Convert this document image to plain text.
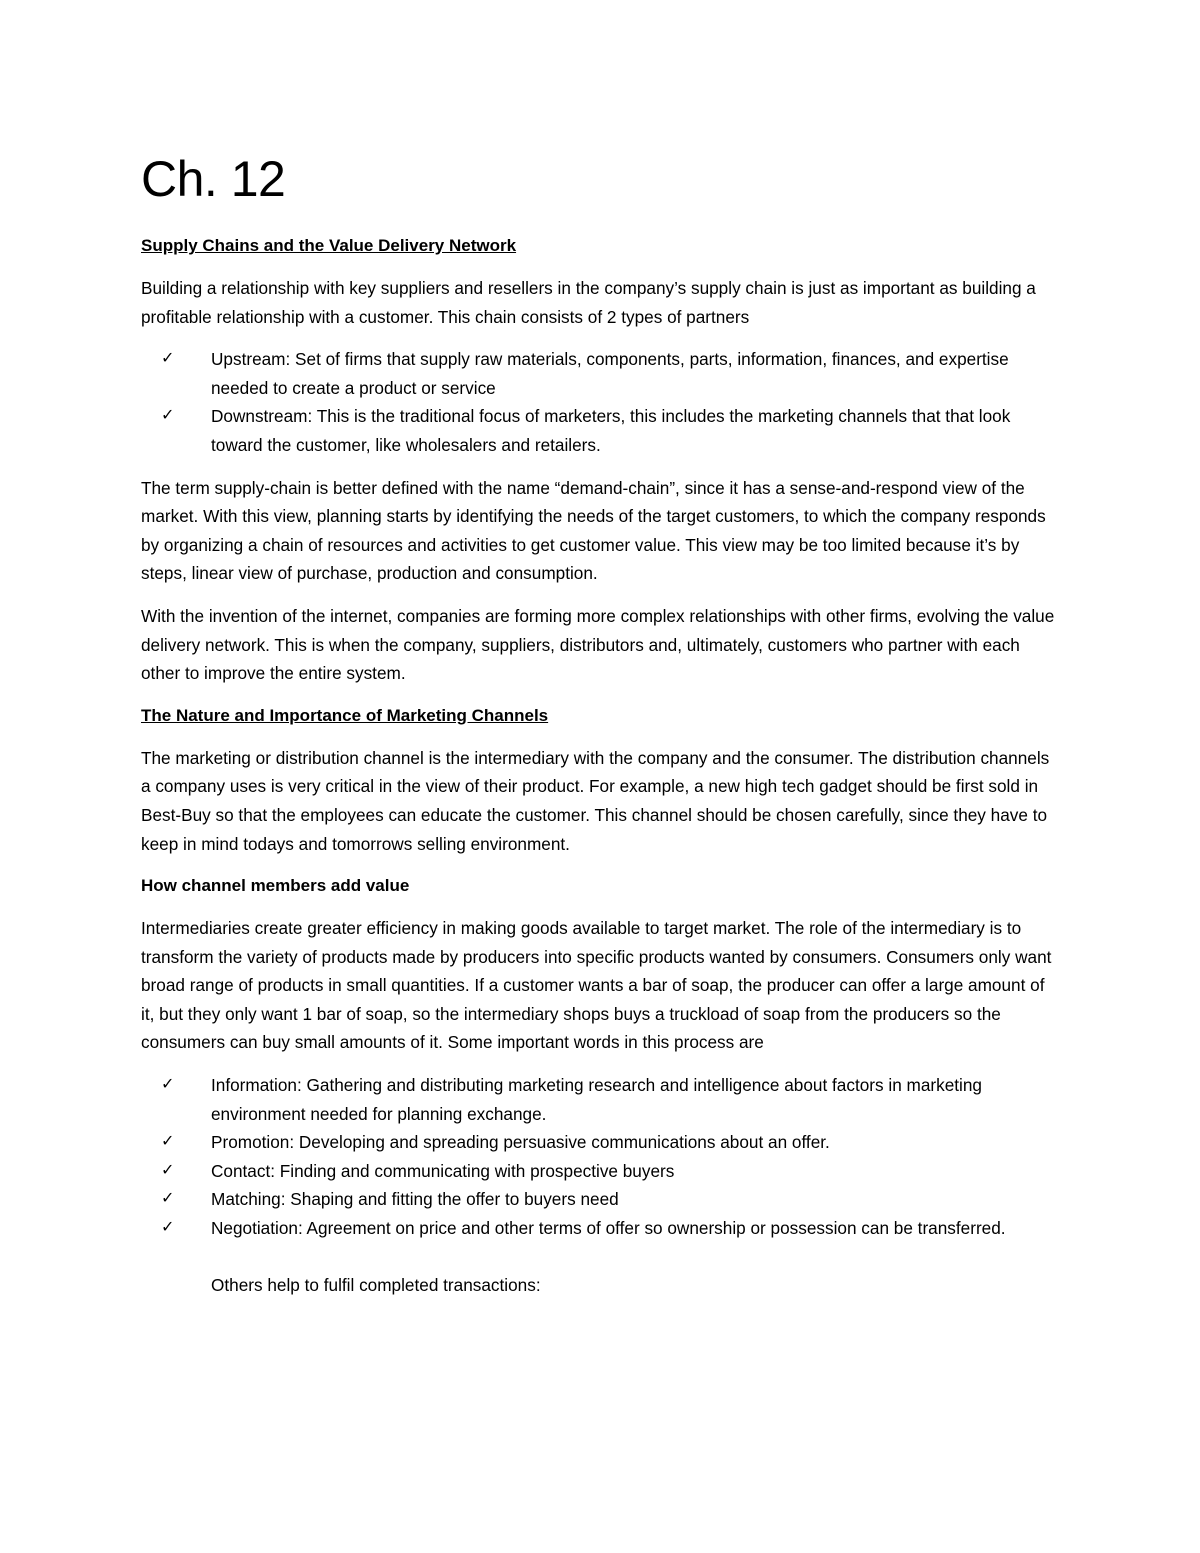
Ch. 12
Supply Chains and the Value Delivery Network

Building a relationship with key suppliers and resellers in the company’s supply chain is just as important as building a profitable relationship with a customer. This chain consists of 2 types of partners

✓ Upstream: Set of firms that supply raw materials, components, parts, information, finances, and expertise needed to create a product or service
✓ Downstream: This is the traditional focus of marketers, this includes the marketing channels that that look toward the customer, like wholesalers and retailers.

The term supply-chain is better defined with the name “demand-chain”, since it has a sense-and-respond view of the market. With this view, planning starts by identifying the needs of the target customers, to which the company responds by organizing a chain of resources and activities to get customer value. This view may be too limited because it’s by steps, linear view of purchase, production and consumption.

With the invention of the internet, companies are forming more complex relationships with other firms, evolving the value delivery network. This is when the company, suppliers, distributors and, ultimately, customers who partner with each other to improve the entire system.

The Nature and Importance of Marketing Channels

The marketing or distribution channel is the intermediary with the company and the consumer. The distribution channels a company uses is very critical in the view of their product. For example, a new high tech gadget should be first sold in Best-Buy so that the employees can educate the customer. This channel should be chosen carefully, since they have to keep in mind todays and tomorrows selling environment.

How channel members add value

Intermediaries create greater efficiency in making goods available to target market. The role of the intermediary is to transform the variety of products made by producers into specific products wanted by consumers. Consumers only want broad range of products in small quantities. If a customer wants a bar of soap, the producer can offer a large amount of it, but they only want 1 bar of soap, so the intermediary shops buys a truckload of soap from the producers so the consumers can buy small amounts of it. Some important words in this process are

✓ Information: Gathering and distributing marketing research and intelligence about factors in marketing environment needed for planning exchange.
✓ Promotion: Developing and spreading persuasive communications about an offer.
✓ Contact: Finding and communicating with prospective buyers
✓ Matching: Shaping and fitting the offer to buyers need
✓ Negotiation: Agreement on price and other terms of offer so ownership or possession can be transferred.
Others help to fulfil completed transactions:
